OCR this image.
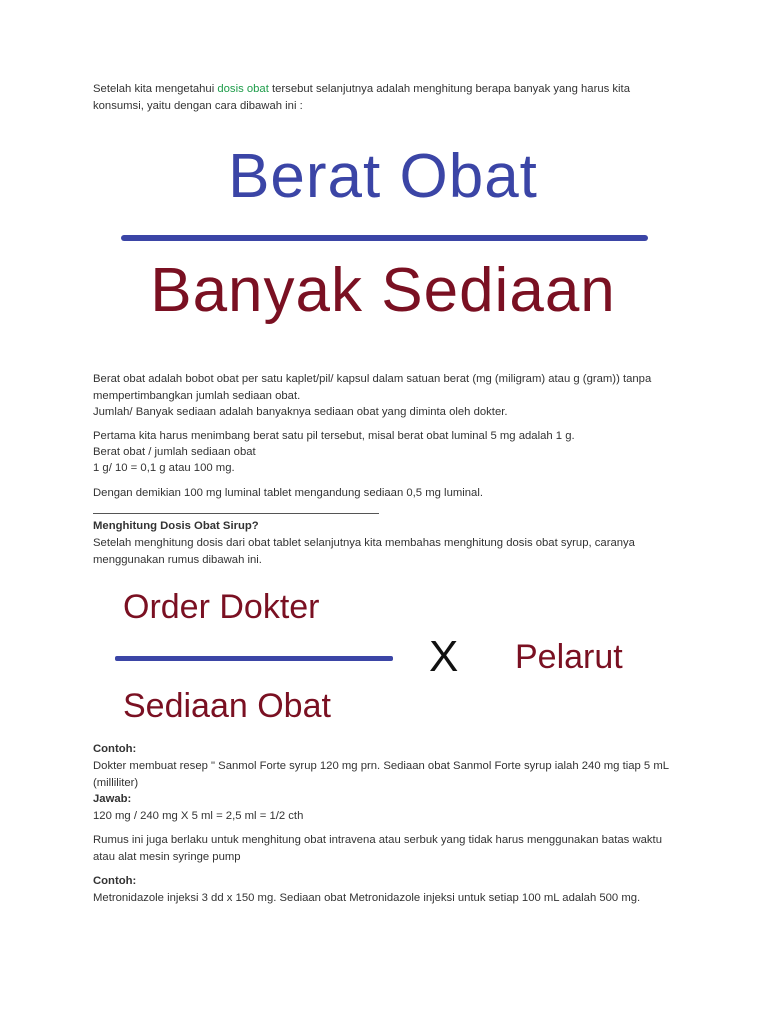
Setelah kita mengetahui dosis obat tersebut selanjutnya adalah menghitung berapa banyak yang harus kita konsumsi, yaitu dengan cara dibawah ini :

Berat Obat
Banyak Sediaan

Berat obat adalah bobot obat per satu kaplet/pil/ kapsul dalam satuan berat (mg (miligram) atau g (gram)) tanpa mempertimbangkan jumlah sediaan obat.

Jumlah/ Banyak sediaan adalah banyaknya sediaan obat yang diminta oleh dokter.

Pertama kita harus menimbang berat satu pil tersebut, misal berat obat luminal 5 mg adalah 1 g.

Berat obat / jumlah sediaan obat

1 g/ 10 = 0,1 g atau 100 mg.

Dengan demikian 100 mg luminal tablet mengandung sediaan 0,5 mg luminal.

Menghitung Dosis Obat Sirup?

Setelah menghitung dosis dari obat tablet selanjutnya kita membahas menghitung dosis obat syrup, caranya menggunakan rumus dibawah ini.

Order Dokter
Sediaan Obat
X Pelarut

Contoh:

Dokter membuat resep " Sanmol Forte syrup 120 mg prn. Sediaan obat Sanmol Forte syrup ialah 240 mg tiap 5 mL (milliliter)

Jawab:

120 mg / 240 mg X 5 ml = 2,5 ml = 1/2 cth

Rumus ini juga berlaku untuk menghitung obat intravena atau serbuk yang tidak harus menggunakan batas waktu atau alat mesin syringe pump

Contoh:

Metronidazole injeksi 3 dd x 150 mg. Sediaan obat Metronidazole injeksi untuk setiap 100 mL adalah 500 mg.
